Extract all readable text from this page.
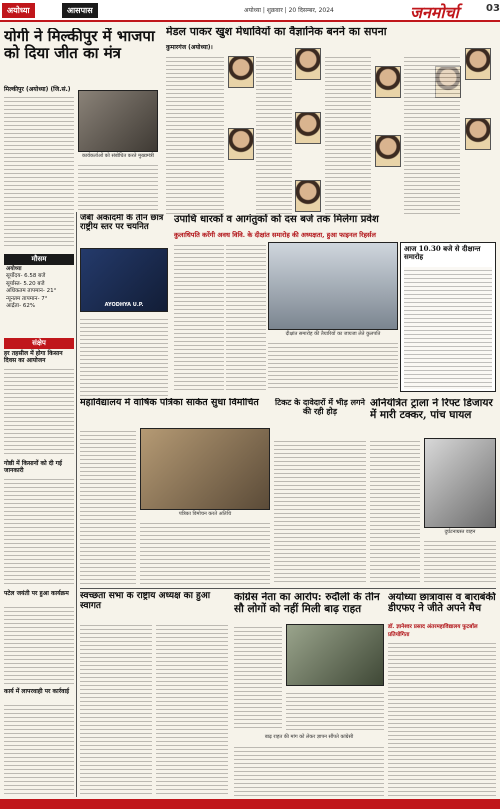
अयोध्या	आसपास	अयोध्या | शुक्रवार | 20 दिसम्बर, 2024	जनमोर्चा	03
योगी ने मिल्कीपुर में भाजपा को दिया जीत का मंत्र
मिल्कीपुर (अयोध्या) (जि.सं.)
कार्यकर्ताओं को संबोधित करते मुख्यमंत्री
मौसम
अयोध्या
सूर्योदय- 6.58 बजे
सूर्यास्त- 5.20 बजे
अधिकतम तापमान- 21°
न्यूनतम तापमान- 7°
आर्द्रता- 62%
संक्षेप
हर तहसील में होगा किसान दिवस का आयोजन
गोष्ठी में किसानों को दी गई जानकारी
पटेल जयंती पर हुआ कार्यक्रम
कार्य में लापरवाही पर कार्रवाई
मेडल पाकर खुश मेधावियों का वैज्ञानिक बनने का सपना
कुमारगंज (अयोध्या)।
जेबी अकादमी के तीन छात्र राष्ट्रीय स्तर पर चयनित
AYODHYA U.P.
उपाधि धारकों व आगंतुकों को दस बजे तक मिलेगा प्रवेश
कुलाधिपति करेंगी अवध विवि. के दीक्षांत समारोह की अध्यक्षता, हुआ फाइनल रिहर्सल
दीक्षांत समारोह की तैयारियों का जायजा लेते कुलपति
आज 10.30 बजे से दीक्षान्त समारोह
महाविद्यालय में वार्षिक पत्रिका साकेत सुधा विमोचित
पत्रिका विमोचन करते अतिथि
टिकट के दावेदारों में भीड़ लगने की रही होड़
अनियंत्रित ट्राला ने रिफ्ट डिजायर में मारी टक्कर, पांच घायल
दुर्घटनाग्रस्त वाहन
स्वच्छता सभा के राष्ट्रीय अध्यक्ष का हुआ स्वागत
कांग्रेस नेता का आरोप: रुदौली के तीन सौ लोगों को नहीं मिली बाढ़ राहत
बाढ़ राहत की मांग को लेकर ज्ञापन सौंपते कांग्रेसी
अयोध्या छात्रावास व बाराबंकी डीएफए ने जीते अपने मैच
डॉ. ज्ञानेश्वर प्रसाद अंतरमहाविद्यालय फुटबॉल प्रतियोगिता
